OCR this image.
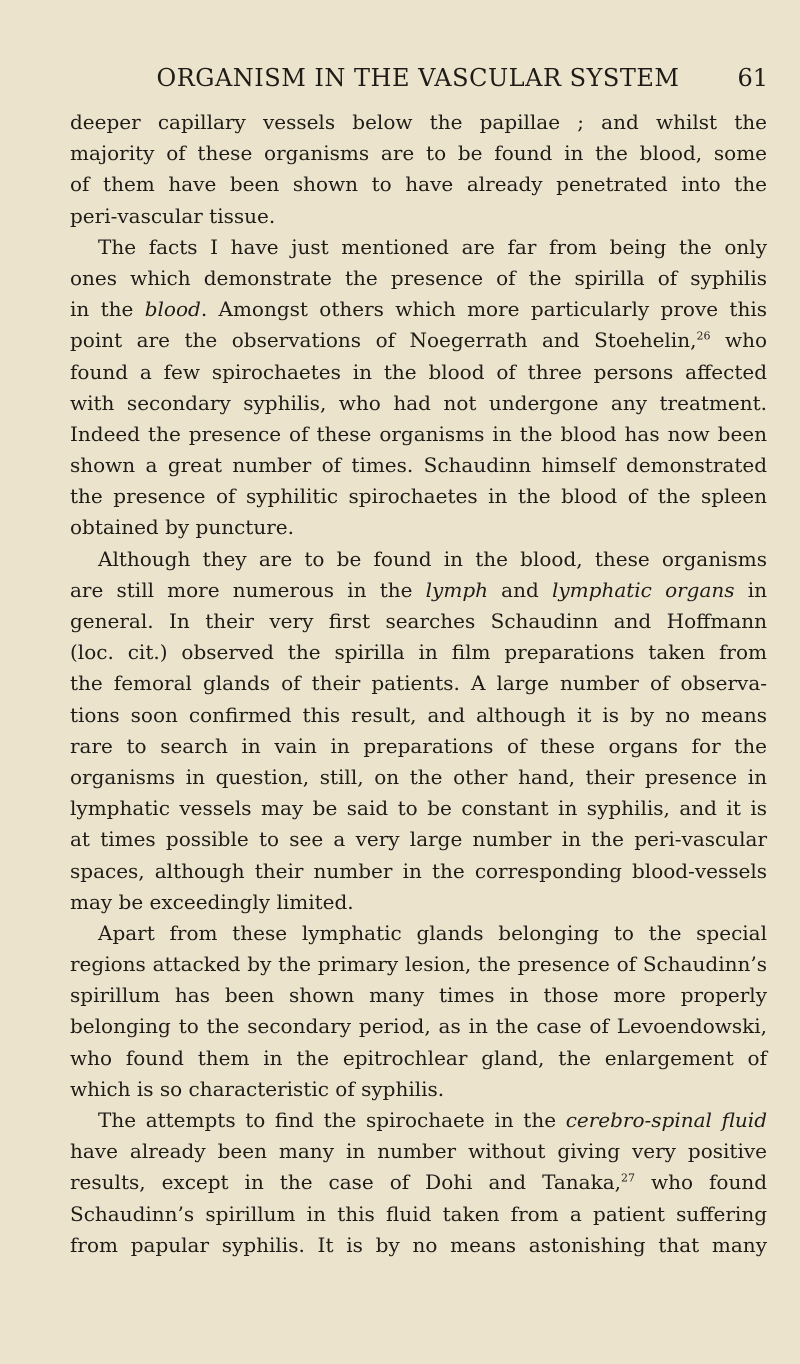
ORGANISM IN THE VASCULAR SYSTEM	61
deeper capillary vessels below the papillae ; and whilst the
majority of these organisms are to be found in the blood, some
of them have been shown to have already penetrated into the
peri-vascular tissue.
The facts I have just mentioned are far from being the only
ones which demonstrate the presence of the spirilla of syphilis
in the blood. Amongst others which more particularly prove this
point are the observations of Noegerrath and Stoehelin,$^{26}$ who
found a few spirochaetes in the blood of three persons affected
with secondary syphilis, who had not undergone any treatment.
Indeed the presence of these organisms in the blood has now been
shown a great number of times. Schaudinn himself demonstrated
the presence of syphilitic spirochaetes in the blood of the spleen
obtained by puncture.
Although they are to be found in the blood, these organisms
are still more numerous in the lymph and lymphatic organs in
general. In their very first searches Schaudinn and Hoffmann
(loc. cit.) observed the spirilla in film preparations taken from
the femoral glands of their patients. A large number of observa-
tions soon confirmed this result, and although it is by no means
rare to search in vain in preparations of these organs for the
organisms in question, still, on the other hand, their presence in
lymphatic vessels may be said to be constant in syphilis, and it is
at times possible to see a very large number in the peri-vascular
spaces, although their number in the corresponding blood-vessels
may be exceedingly limited.
Apart from these lymphatic glands belonging to the special
regions attacked by the primary lesion, the presence of Schaudinn’s
spirillum has been shown many times in those more properly
belonging to the secondary period, as in the case of Levoendowski,
who found them in the epitrochlear gland, the enlargement of
which is so characteristic of syphilis.
The attempts to find the spirochaete in the cerebro-spinal fluid
have already been many in number without giving very positive
results, except in the case of Dohi and Tanaka,$^{27}$ who found
Schaudinn’s spirillum in this fluid taken from a patient suffering
from papular syphilis. It is by no means astonishing that many
